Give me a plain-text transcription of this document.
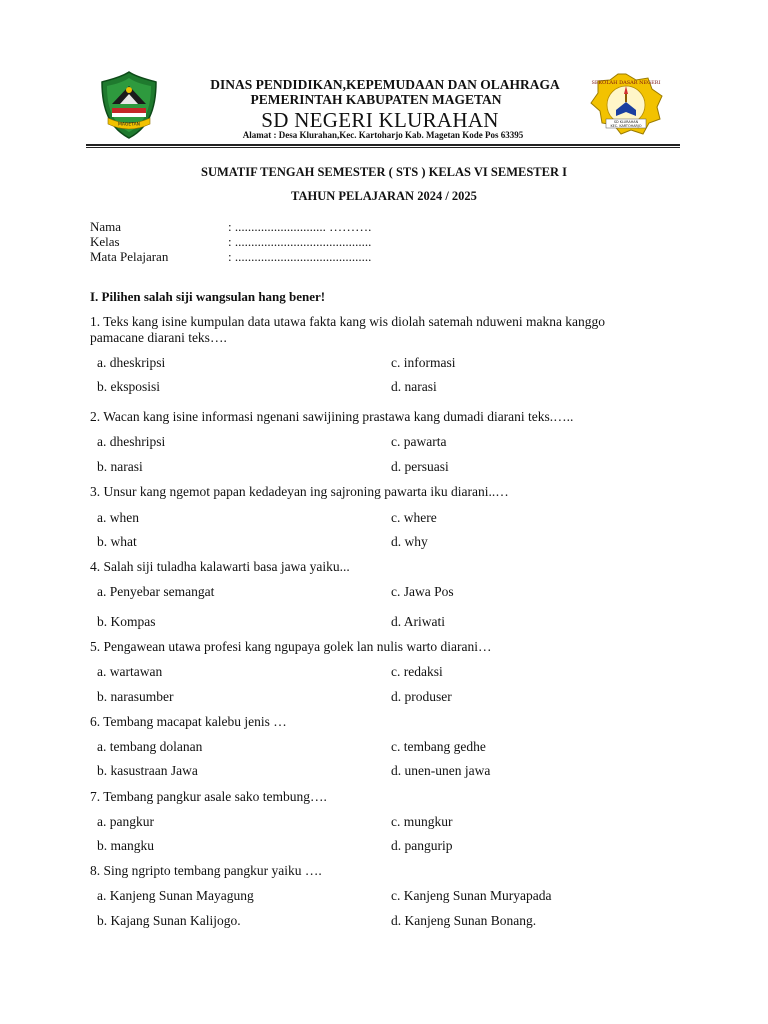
MAGETAN
SEKOLAH DASAR NEGERI
SD KLURAHAN
KEC. KARTOHARJO
DINAS PENDIDIKAN,KEPEMUDAAN DAN OLAHRAGA
PEMERINTAH KABUPATEN MAGETAN
SD NEGERI KLURAHAN
Alamat : Desa Klurahan,Kec. Kartoharjo Kab. Magetan Kode Pos 63395
SUMATIF TENGAH SEMESTER ( STS ) KELAS VI SEMESTER I
TAHUN PELAJARAN 2024 / 2025
Nama	: ............................ ……….
Kelas	: ..........................................
Mata Pelajaran	: ..........................................
I. Pilihen salah siji wangsulan hang bener!
1. Teks kang isine kumpulan data utawa fakta kang wis diolah satemah nduweni makna kanggo
pamacane diarani teks….
a. dheskripsi	c. informasi
b. eksposisi	d. narasi
2. Wacan kang isine informasi ngenani sawijining prastawa kang dumadi diarani teks.…..
a. dheshripsi	c. pawarta
b. narasi	d. persuasi
3. Unsur kang ngemot papan kedadeyan ing sajroning pawarta iku diarani..…
a. when	c. where
b. what	d. why
4. Salah siji tuladha kalawarti basa jawa yaiku...
a. Penyebar semangat	c. Jawa Pos
b. Kompas	d. Ariwati
5. Pengawean utawa profesi kang ngupaya golek lan nulis warto diarani…
a. wartawan	c. redaksi
b. narasumber	d. produser
6. Tembang macapat kalebu jenis …
a. tembang dolanan	c. tembang gedhe
b. kasustraan Jawa	d. unen-unen jawa
7. Tembang pangkur asale sako tembung….
a. pangkur	c. mungkur
b. mangku	d. pangurip
8. Sing ngripto tembang pangkur yaiku ….
a. Kanjeng Sunan Mayagung	c. Kanjeng Sunan Muryapada
b. Kajang Sunan Kalijogo.	d. Kanjeng Sunan Bonang.
